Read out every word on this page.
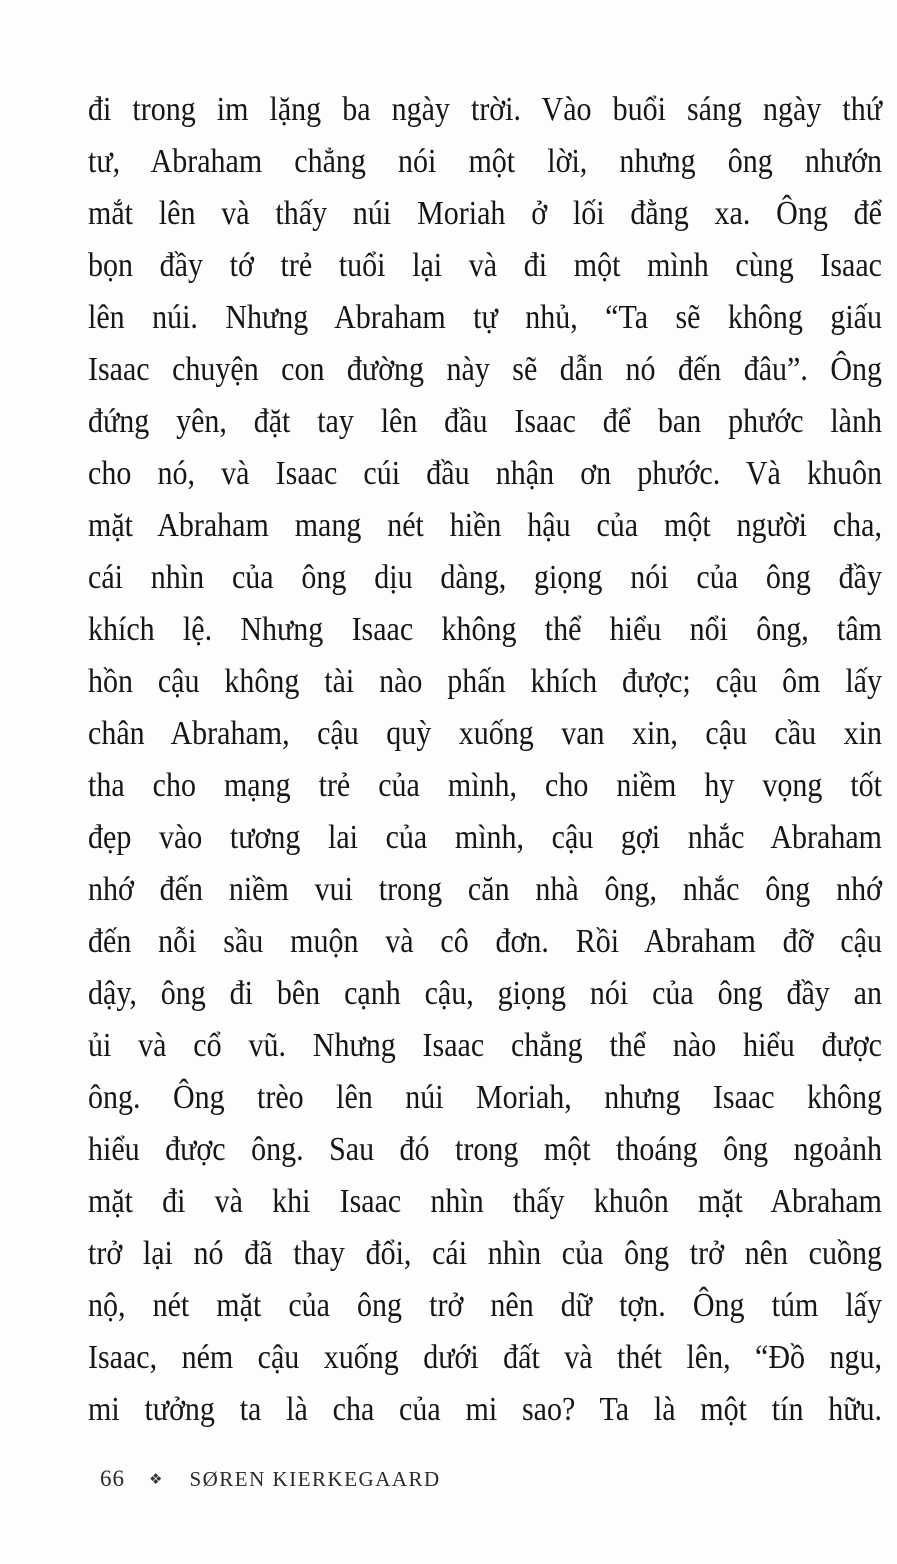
đi trong im lặng ba ngày trời. Vào buổi sáng ngày thứ

tư, Abraham chẳng nói một lời, nhưng ông nhướn

mắt lên và thấy núi Moriah ở lối đằng xa. Ông để

bọn đầy tớ trẻ tuổi lại và đi một mình cùng Isaac

lên núi. Nhưng Abraham tự nhủ, “Ta sẽ không giấu

Isaac chuyện con đường này sẽ dẫn nó đến đâu”. Ông

đứng yên, đặt tay lên đầu Isaac để ban phước lành

cho nó, và Isaac cúi đầu nhận ơn phước. Và khuôn

mặt Abraham mang nét hiền hậu của một người cha,

cái nhìn của ông dịu dàng, giọng nói của ông đầy

khích lệ. Nhưng Isaac không thể hiểu nổi ông, tâm

hồn cậu không tài nào phấn khích được; cậu ôm lấy

chân Abraham, cậu quỳ xuống van xin, cậu cầu xin

tha cho mạng trẻ của mình, cho niềm hy vọng tốt

đẹp vào tương lai của mình, cậu gợi nhắc Abraham

nhớ đến niềm vui trong căn nhà ông, nhắc ông nhớ

đến nỗi sầu muộn và cô đơn. Rồi Abraham đỡ cậu

dậy, ông đi bên cạnh cậu, giọng nói của ông đầy an

ủi và cổ vũ. Nhưng Isaac chẳng thể nào hiểu được

ông. Ông trèo lên núi Moriah, nhưng Isaac không

hiểu được ông. Sau đó trong một thoáng ông ngoảnh

mặt đi và khi Isaac nhìn thấy khuôn mặt Abraham

trở lại nó đã thay đổi, cái nhìn của ông trở nên cuồng

nộ, nét mặt của ông trở nên dữ tợn. Ông túm lấy

Isaac, ném cậu xuống dưới đất và thét lên, “Đồ ngu,

mi tưởng ta là cha của mi sao? Ta là một tín hữu.

66 ❖ SØREN KIERKEGAARD
